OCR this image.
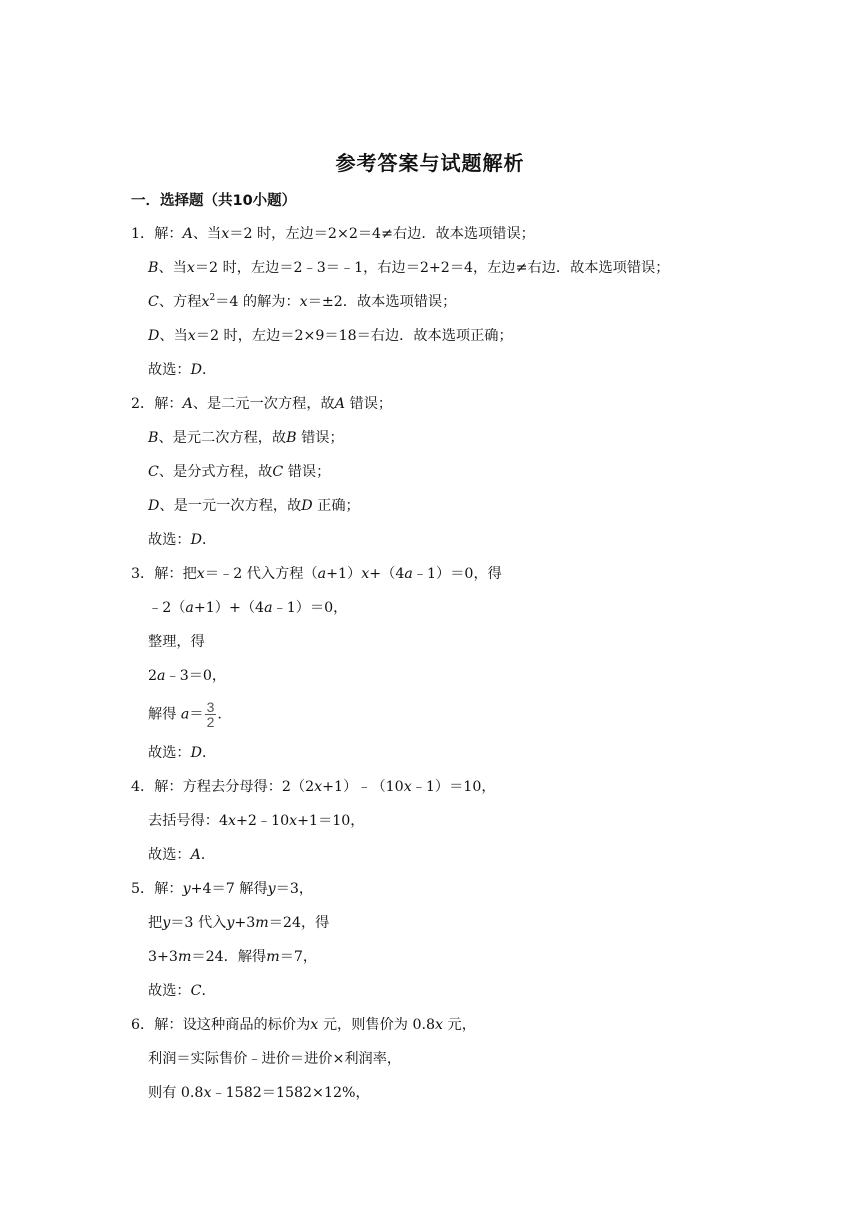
参考答案与试题解析
一．选择题（共10小题）
1．解：A、当x＝2 时，左边＝2×2＝4≠右边．故本选项错误；
B、当x＝2 时，左边＝2﹣3＝﹣1，右边＝2+2＝4，左边≠右边．故本选项错误；
C、方程$x^2=4$ 的解为：x＝±2．故本选项错误；
D、当x＝2 时，左边＝2×9＝18＝右边．故本选项正确；
故选：D．
2．解：A、是二元一次方程，故A 错误；
B、是元二次方程，故B 错误；
C、是分式方程，故C 错误；
D、是一元一次方程，故D 正确；
故选：D．
3．解：把x＝﹣2 代入方程（a+1）x+（4a﹣1）＝0，得
﹣2（a+1）+（4a﹣1）＝0，
整理，得
2a﹣3＝0，
解得 $a= \frac{3}{2}$ .
故选：D．
4．解：方程去分母得：2（2x+1）﹣（10x﹣1）＝10，
去括号得：4x+2﹣10x+1＝10，
故选：A．
5．解：y+4＝7 解得y＝3，
把y＝3 代入y+3m＝24，得
3+3m＝24．解得m＝7，
故选：C．
6．解：设这种商品的标价为x 元，则售价为 0.8x 元，
利润＝实际售价﹣进价＝进价×利润率，
则有 0.8x﹣1582＝1582×12%，
